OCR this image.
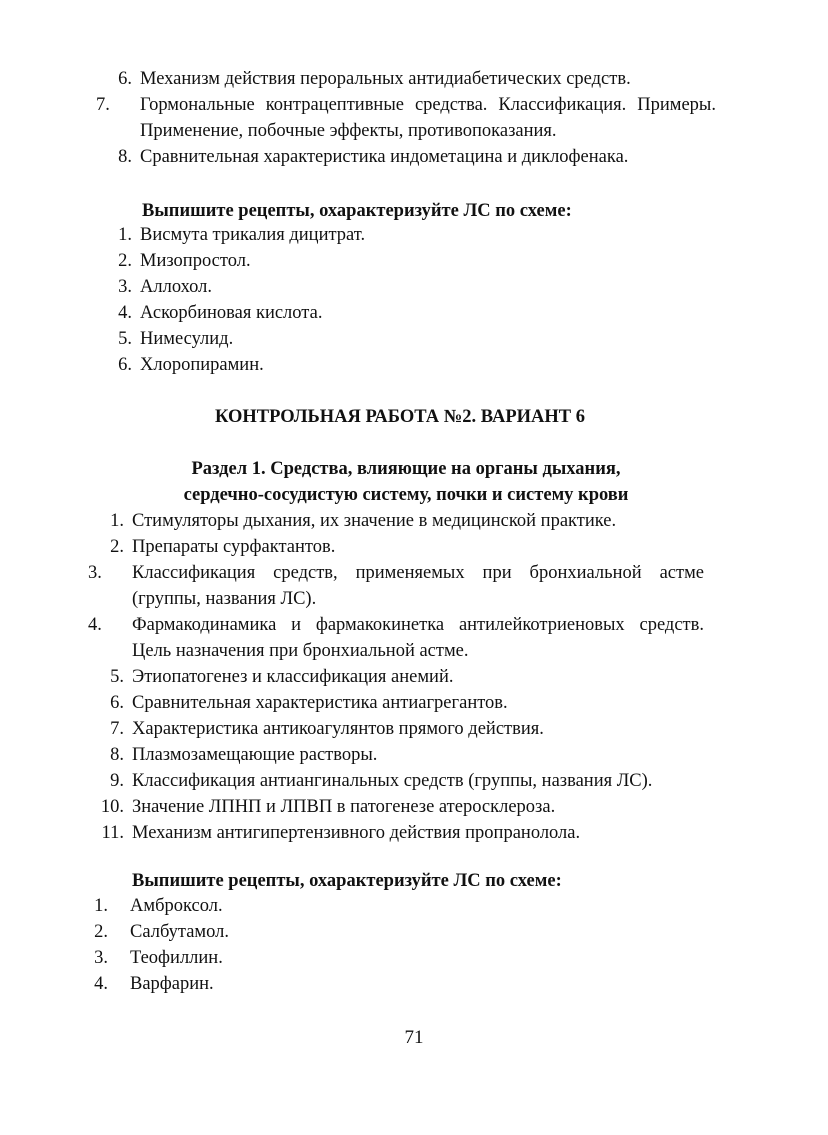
6. Механизм действия пероральных антидиабетических средств.
7.	Гормональные контрацептивные средства. Классификация. Примеры. Применение, побочные эффекты, противопоказания.
8. Сравнительная характеристика индометацина и диклофенака.
Выпишите рецепты, охарактеризуйте ЛС по схеме:
1. Висмута трикалия дицитрат.
2. Мизопростол.
3. Аллохол.
4. Аскорбиновая кислота.
5. Нимесулид.
6. Хлоропирамин.
КОНТРОЛЬНАЯ РАБОТА №2. ВАРИАНТ 6
Раздел 1. Средства, влияющие на органы дыхания,
сердечно-сосудистую систему, почки и систему крови
1. Стимуляторы дыхания, их значение в медицинской практике.
2. Препараты сурфактантов.
3.	Классификация средств, применяемых при бронхиальной астме (группы, названия ЛС).
4.	Фармакодинамика и фармакокинетка антилейкотриеновых средств. Цель назначения при бронхиальной астме.
5. Этиопатогенез и классификация анемий.
6. Сравнительная характеристика антиагрегантов.
7. Характеристика антикоагулянтов прямого действия.
8. Плазмозамещающие растворы.
9. Классификация антиангинальных средств (группы, названия ЛС).
10. Значение ЛПНП и ЛПВП в патогенезе атеросклероза.
11. Механизм антигипертензивного действия пропранолола.
Выпишите рецепты, охарактеризуйте ЛС по схеме:
1. Амброксол.
2. Салбутамол.
3. Теофиллин.
4. Варфарин.
71
